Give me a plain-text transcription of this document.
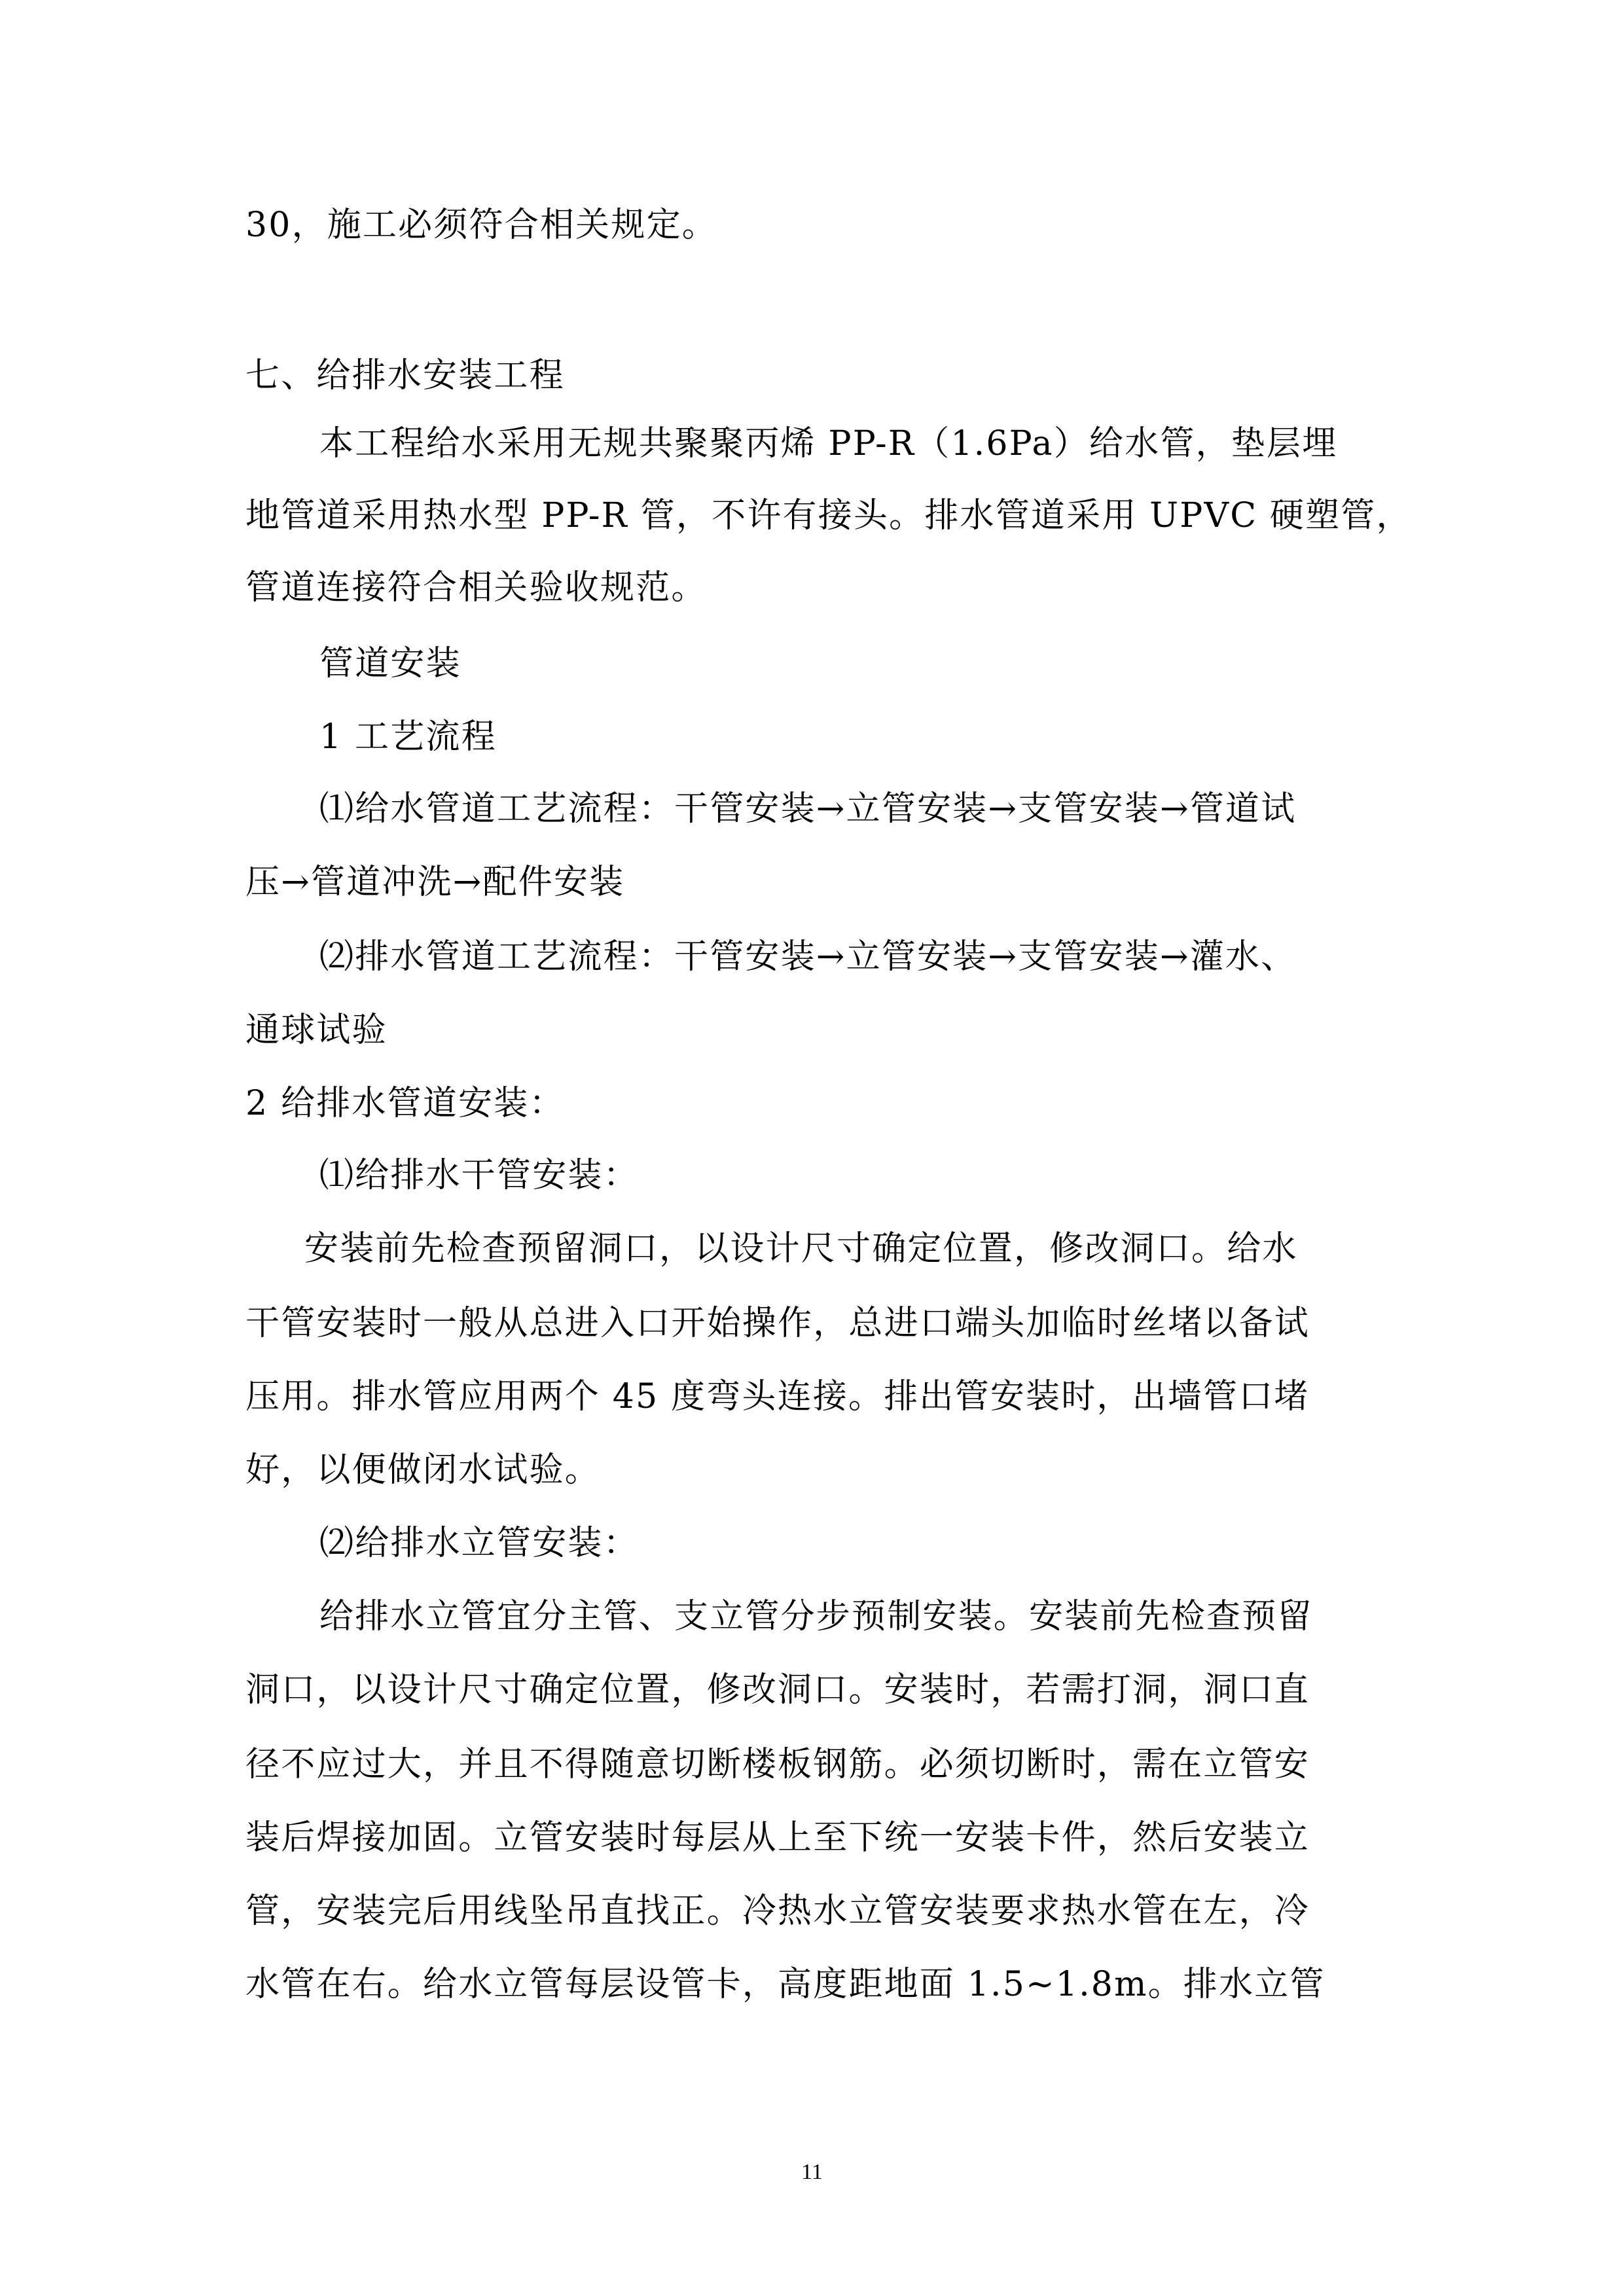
30，施工必须符合相关规定。

七、给排水安装工程

本工程给水采用无规共聚聚丙烯 PP-R（1.6Pa）给水管，垫层埋

地管道采用热水型 PP-R 管，不许有接头。排水管道采用 UPVC 硬塑管，

管道连接符合相关验收规范。

管道安装

1 工艺流程

⑴给水管道工艺流程：干管安装→立管安装→支管安装→管道试

压→管道冲洗→配件安装

⑵排水管道工艺流程：干管安装→立管安装→支管安装→灌水、

通球试验

2 给排水管道安装：

⑴给排水干管安装：

安装前先检查预留洞口，以设计尺寸确定位置，修改洞口。给水

干管安装时一般从总进入口开始操作，总进口端头加临时丝堵以备试

压用。排水管应用两个 45 度弯头连接。排出管安装时，出墙管口堵

好，以便做闭水试验。

⑵给排水立管安装：

给排水立管宜分主管、支立管分步预制安装。安装前先检查预留

洞口，以设计尺寸确定位置，修改洞口。安装时，若需打洞，洞口直

径不应过大，并且不得随意切断楼板钢筋。必须切断时，需在立管安

装后焊接加固。立管安装时每层从上至下统一安装卡件，然后安装立

管，安装完后用线坠吊直找正。冷热水立管安装要求热水管在左，冷

水管在右。给水立管每层设管卡，高度距地面 1.5~1.8m。排水立管

11
